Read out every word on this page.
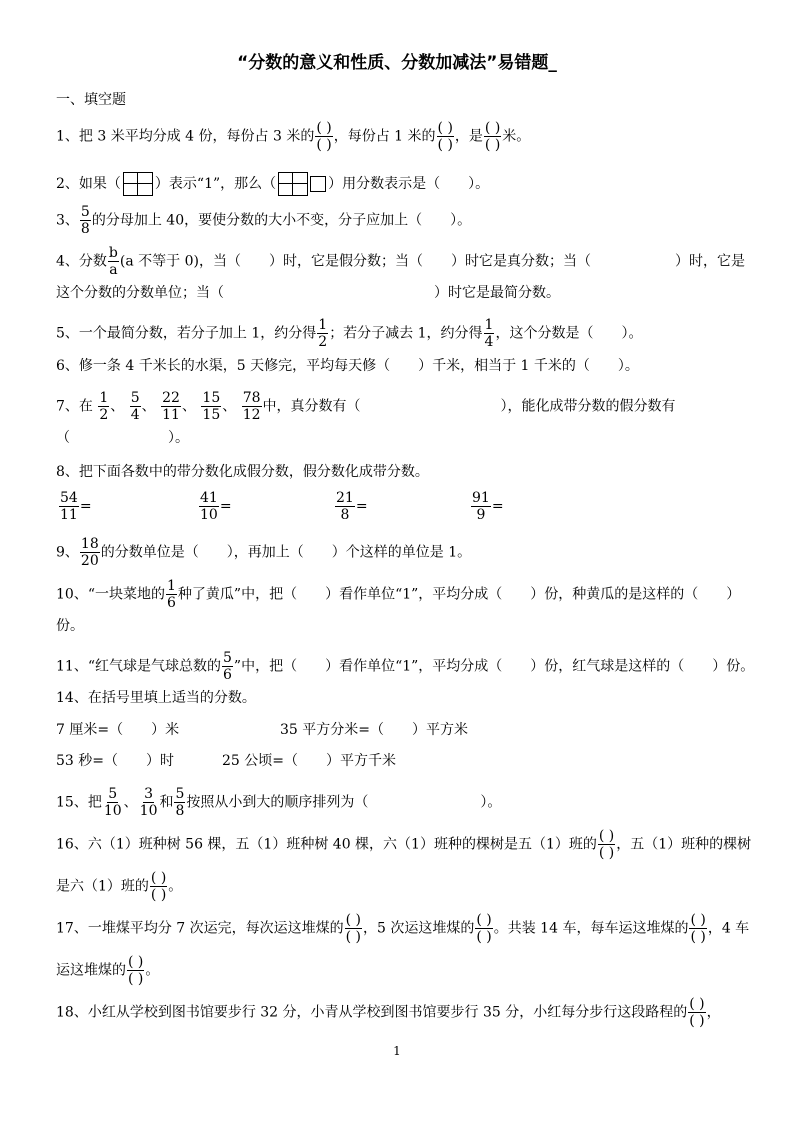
“分数的意义和性质、分数加减法”易错题_
一、填空题
1、把 3 米平均分成 4 份，每份占 3 米的 $\frac{( )}{( )}$ ，每份占 1 米的 $\frac{( )}{( )}$ ，是 $\frac{( )}{( )}$ 米。
2、如果（ ）表示“1”，那么（	）用分数表示是（　　）。
3、 $\frac{5}{8}$ 的分母加上 40，要使分数的大小不变，分子应加上（　　）。
4、分数 $\frac{b}{a} (a$ 不等于 0)，当（　　）时，它是假分数；当（　　）时它是真分数；当（　　　　　　）时，它是
这个分数的分数单位；当（　　　　　　　　　　　　　　　）时它是最简分数。
5、一个最简分数，若分子加上 1，约分得 $\frac{1}{2}$ ；若分子减去 1，约分得 $\frac{1}{4}$ ，这个分数是（　　）。
6、修一条 4 千米长的水渠，5 天修完，平均每天修（　　）千米，相当于 1 千米的（　　）。
7、在 $\frac{1}{2}$ 、 $\frac{5}{4}$ 、 $\frac{22}{11}$ 、 $\frac{15}{15}$ 、 $\frac{78}{12}$ 中，真分数有（　　　　　　　　　　），能化成带分数的假分数有
（　　　　　　　）。
8、把下面各数中的带分数化成假分数，假分数化成带分数。
$\frac{54}{11}$ =	$\frac{41}{10}$ =	$\frac{21}{8}$ =	$\frac{91}{9}$ =
9、 $\frac{18}{20}$ 的分数单位是（　　），再加上（　　）个这样的单位是 1。
10、“一块菜地的 $\frac{1}{6}$ 种了黄瓜”中，把（　　）看作单位“1”，平均分成（　　）份，种黄瓜的是这样的（　　）
份。
11、“红气球是气球总数的 $\frac{5}{6}$ ”中，把（　　）看作单位“1”，平均分成（　　）份，红气球是这样的（　　）份。
14、在括号里填上适当的分数。
7 厘米=（　　）米	35 平方分米=（　　）平方米
53 秒=（　　）时	25 公顷=（　　）平方千米
15、把 $\frac{5}{10}$ 、 $\frac{3}{10}$ 和 $\frac{5}{8}$ 按照从小到大的顺序排列为（　　　　　　　　）。
16、六（1）班种树 56 棵，五（1）班种树 40 棵，六（1）班种的棵树是五（1）班的 $\frac{( )}{( )}$ ，五（1）班种的棵树
是六（1）班的 $\frac{( )}{( )}$ 。
17、一堆煤平均分 7 次运完，每次运这堆煤的 $\frac{( )}{( )}$ ，5 次运这堆煤的 $\frac{( )}{( )}$ 。共装 14 车，每车运这堆煤的 $\frac{( )}{( )}$ ，4 车
运这堆煤的 $\frac{( )}{( )}$ 。
18、小红从学校到图书馆要步行 32 分，小青从学校到图书馆要步行 35 分，小红每分步行这段路程的 $\frac{( )}{( )}$ ，
1
